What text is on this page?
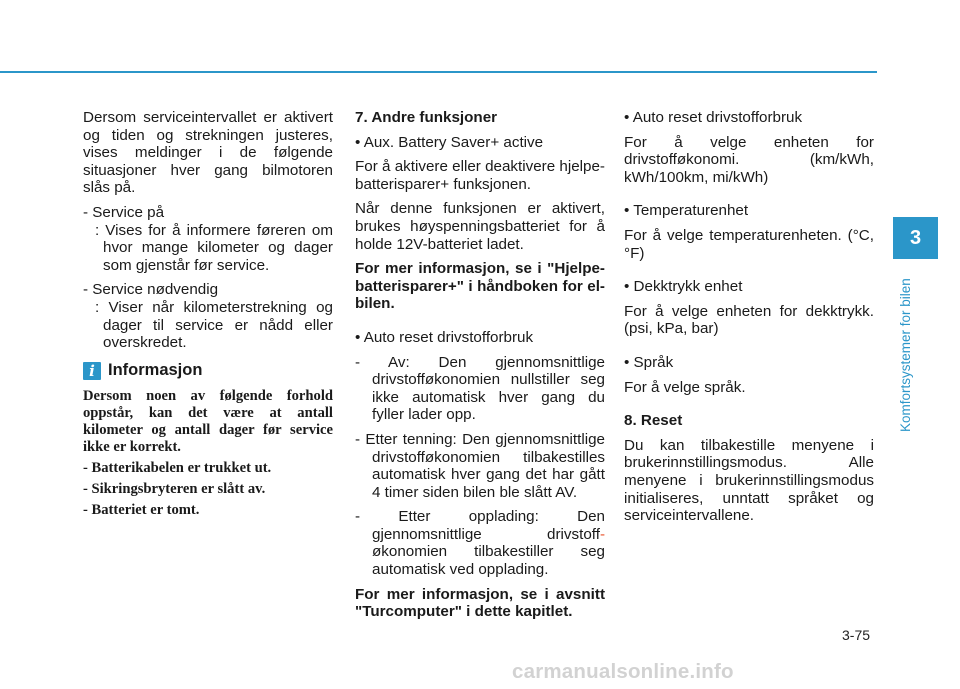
Dersom serviceintervallet er aktivert og tiden og strekningen justeres, vises meldinger i de følgende situasjoner hver gang bilmotoren slås på.

- Service på

: Vises for å informere føreren om hvor mange kilometer og dager som gjenstår før service.

- Service nødvendig

: Viser når kilometerstrekning og dager til service er nådd eller overskredet.

i Informasjon

Dersom noen av følgende forhold oppstår, kan det være at antall kilometer og antall dager før service ikke er korrekt.

- Batterikabelen er trukket ut.

- Sikringsbryteren er slått av.

- Batteriet er tomt.

7. Andre funksjoner

• Aux. Battery Saver+ active

For å aktivere eller deaktivere hjelpe-batterisparer+ funksjonen.

Når denne funksjonen er aktivert, brukes høyspenningsbatteriet for å holde 12V-batteriet ladet.

For mer informasjon, se i "Hjelpe-batterisparer+" i håndboken for el-bilen.

• Auto reset drivstofforbruk

- Av: Den gjennomsnittlige drivstofføkonomien nullstiller seg ikke automatisk hver gang du fyller lader opp.

- Etter tenning: Den gjennomsnittlige drivstofføkonomien tilbakestilles automatisk hver gang det har gått 4 timer siden bilen ble slått AV.

- Etter opplading: Den gjennomsnittlige drivstoff- økonomien tilbakestiller seg automatisk ved opplading.

For mer informasjon, se i avsnitt "Turcomputer" i dette kapitlet.

• Auto reset drivstofforbruk

For å velge enheten for drivstofføkonomi. (km/kWh, kWh/100km, mi/kWh)

• Temperaturenhet

For å velge temperaturenheten. (°C,°F)

• Dekktrykk enhet

For å velge enheten for dekktrykk. (psi, kPa, bar)

• Språk

For å velge språk.

8. Reset

Du kan tilbakestille menyene i brukerinnstillingsmodus. Alle menyene i brukerinnstillingsmodus initialiseres, unntatt språket og serviceintervallene.

3
Komfortsystemer for bilen
3-75
carmanualsonline.info
